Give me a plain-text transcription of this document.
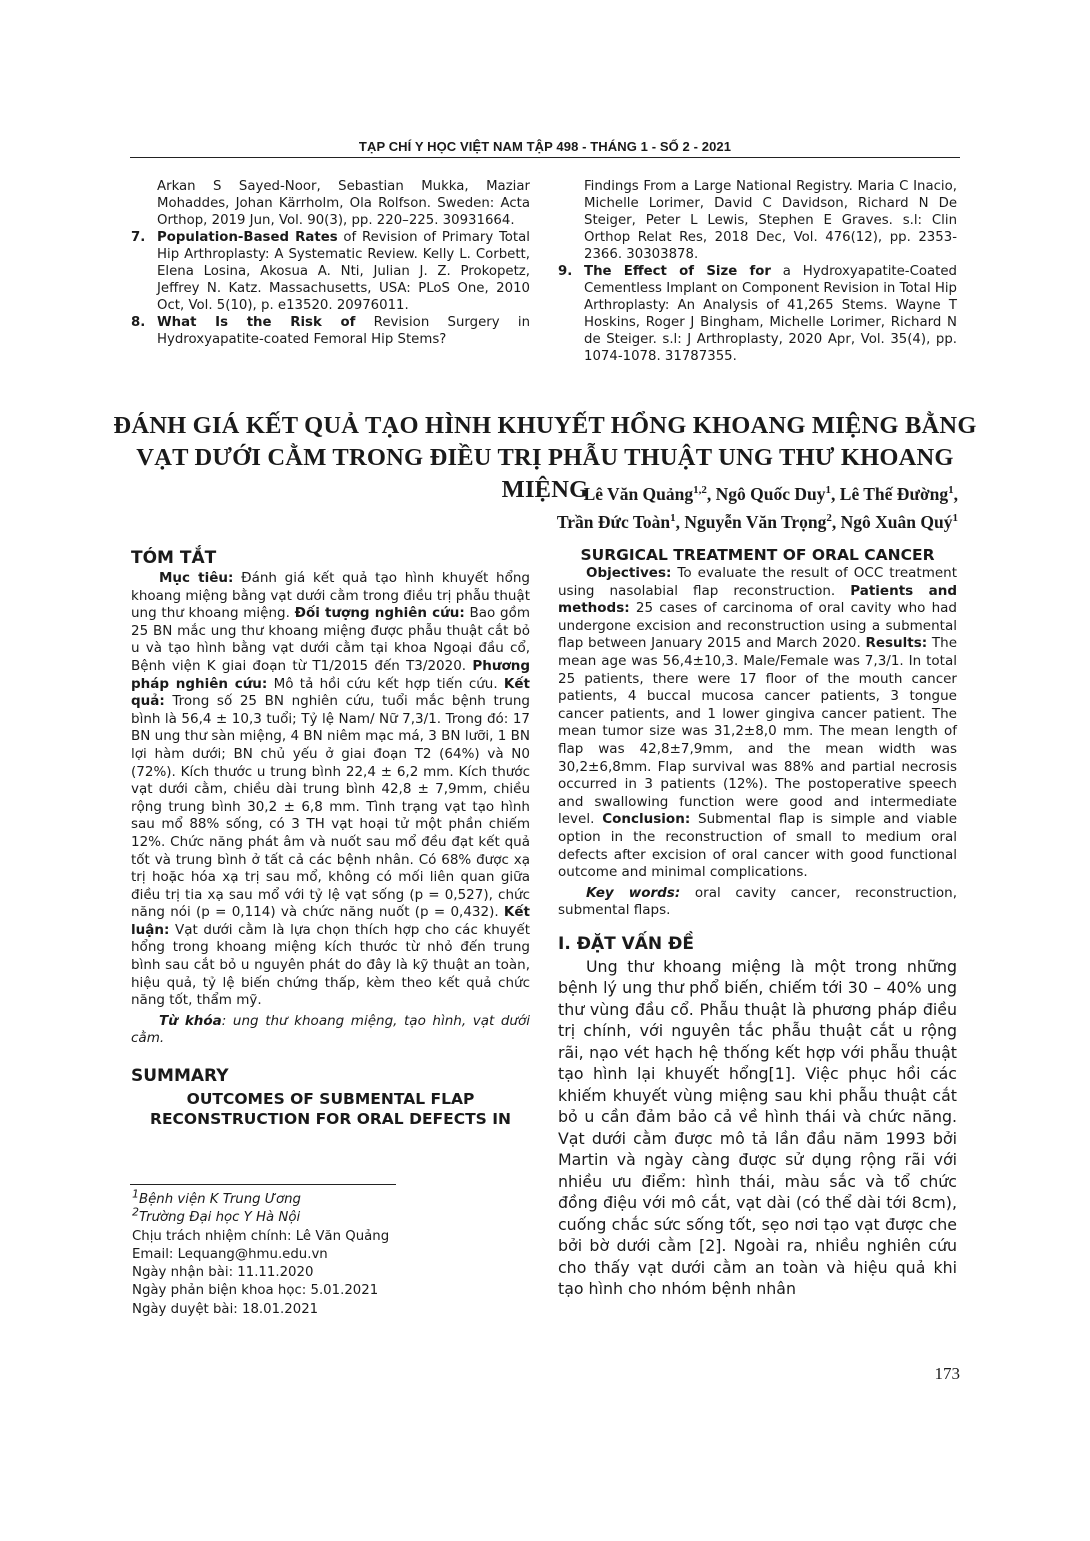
TẠP CHÍ Y HỌC VIỆT NAM TẬP 498 - THÁNG 1 - SỐ 2 - 2021

Arkan S Sayed-Noor, Sebastian Mukka, Maziar Mohaddes, Johan Kärrholm, Ola Rolfson. Sweden: Acta Orthop, 2019 Jun, Vol. 90(3), pp. 220–225. 30931664.

7. Population-Based Rates of Revision of Primary Total Hip Arthroplasty: A Systematic Review. Kelly L. Corbett, Elena Losina, Akosua A. Nti, Julian J. Z. Prokopetz, Jeffrey N. Katz. Massachusetts, USA: PLoS One, 2010 Oct, Vol. 5(10), p. e13520. 20976011.
8. What Is the Risk of Revision Surgery in Hydroxyapatite-coated Femoral Hip Stems?

Findings From a Large National Registry. Maria C Inacio, Michelle Lorimer, David C Davidson, Richard N De Steiger, Peter L Lewis, Stephen E Graves. s.l: Clin Orthop Relat Res, 2018 Dec, Vol. 476(12), pp. 2353-2366. 30303878.

9. The Effect of Size for a Hydroxyapatite-Coated Cementless Implant on Component Revision in Total Hip Arthroplasty: An Analysis of 41,265 Stems. Wayne T Hoskins, Roger J Bingham, Michelle Lorimer, Richard N de Steiger. s.l: J Arthroplasty, 2020 Apr, Vol. 35(4), pp. 1074-1078. 31787355.
ĐÁNH GIÁ KẾT QUẢ TẠO HÌNH KHUYẾT HỔNG KHOANG MIỆNG BẰNG
VẠT DƯỚI CẰM TRONG ĐIỀU TRỊ PHẪU THUẬT UNG THƯ KHOANG MIỆNG
Lê Văn Quảng$^{1,2}$, Ngô Quốc Duy$^1$, Lê Thế Đường$^1$,
Trần Đức Toàn$^1$, Nguyễn Văn Trọng$^2$, Ngô Xuân Quý$^1$
TÓM TẮT

Mục tiêu: Đánh giá kết quả tạo hình khuyết hổng khoang miệng bằng vạt dưới cằm trong điều trị phẫu thuật ung thư khoang miệng. Đối tượng nghiên cứu: Bao gồm 25 BN mắc ung thư khoang miệng được phẫu thuật cắt bỏ u và tạo hình bằng vạt dưới cằm tại khoa Ngoại đầu cổ, Bệnh viện K giai đoạn từ T1/2015 đến T3/2020. Phương pháp nghiên cứu: Mô tả hồi cứu kết hợp tiến cứu. Kết quả: Trong số 25 BN nghiên cứu, tuổi mắc bệnh trung bình là 56,4 ± 10,3 tuổi; Tỷ lệ Nam/ Nữ 7,3/1. Trong đó: 17 BN ung thư sàn miệng, 4 BN niêm mạc má, 3 BN lưỡi, 1 BN lợi hàm dưới; BN chủ yếu ở giai đoạn T2 (64%) và N0 (72%). Kích thước u trung bình 22,4 ± 6,2 mm. Kích thước vạt dưới cằm, chiều dài trung bình 42,8 ± 7,9mm, chiều rộng trung bình 30,2 ± 6,8 mm. Tình trạng vạt tạo hình sau mổ 88% sống, có 3 TH vạt hoại tử một phần chiếm 12%. Chức năng phát âm và nuốt sau mổ đều đạt kết quả tốt và trung bình ở tất cả các bệnh nhân. Có 68% được xạ trị hoặc hóa xạ trị sau mổ, không có mối liên quan giữa điều trị tia xạ sau mổ với tỷ lệ vạt sống (p = 0,527), chức năng nói (p = 0,114) và chức năng nuốt (p = 0,432). Kết luận: Vạt dưới cằm là lựa chọn thích hợp cho các khuyết hổng trong khoang miệng kích thước từ nhỏ đến trung bình sau cắt bỏ u nguyên phát do đây là kỹ thuật an toàn, hiệu quả, tỷ lệ biến chứng thấp, kèm theo kết quả chức năng tốt, thẩm mỹ.

Từ khóa: ung thư khoang miệng, tạo hình, vạt dưới cằm.

SUMMARY

OUTCOMES OF SUBMENTAL FLAP

RECONSTRUCTION FOR ORAL DEFECTS IN

SURGICAL TREATMENT OF ORAL CANCER

Objectives: To evaluate the result of OCC treatment using nasolabial flap reconstruction. Patients and methods: 25 cases of carcinoma of oral cavity who had undergone excision and reconstruction using a submental flap between January 2015 and March 2020. Results: The mean age was 56,4±10,3. Male/Female was 7,3/1. In total 25 patients, there were 17 floor of the mouth cancer patients, 4 buccal mucosa cancer patients, 3 tongue cancer patients, and 1 lower gingiva cancer patient. The mean tumor size was 31,2±8,0 mm. The mean length of flap was 42,8±7,9mm, and the mean width was 30,2±6,8mm. Flap survival was 88% and partial necrosis occurred in 3 patients (12%). The postoperative speech and swallowing function were good and intermediate level. Conclusion: Submental flap is simple and viable option in the reconstruction of small to medium oral defects after excision of oral cancer with good functional outcome and minimal complications.

Key words: oral cavity cancer, reconstruction, submental flaps.

I. ĐẶT VẤN ĐỀ

Ung thư khoang miệng là một trong những bệnh lý ung thư phổ biến, chiếm tới 30 – 40% ung thư vùng đầu cổ. Phẫu thuật là phương pháp điều trị chính, với nguyên tắc phẫu thuật cắt u rộng rãi, nạo vét hạch hệ thống kết hợp với phẫu thuật tạo hình lại khuyết hổng[1]. Việc phục hồi các khiếm khuyết vùng miệng sau khi phẫu thuật cắt bỏ u cần đảm bảo cả về hình thái và chức năng. Vạt dưới cằm được mô tả lần đầu năm 1993 bởi Martin và ngày càng được sử dụng rộng rãi với nhiều ưu điểm: hình thái, màu sắc và tổ chức đồng điệu với mô cắt, vạt dài (có thể dài tới 8cm), cuống chắc sức sống tốt, sẹo nơi tạo vạt được che bởi bờ dưới cằm [2]. Ngoài ra, nhiều nghiên cứu cho thấy vạt dưới cằm an toàn và hiệu quả khi tạo hình cho nhóm bệnh nhân

$^1$Bệnh viện K Trung Ương
$^2$Trường Đại học Y Hà Nội
Chịu trách nhiệm chính: Lê Văn Quảng
Email: Lequang@hmu.edu.vn
Ngày nhận bài: 11.11.2020
Ngày phản biện khoa học: 5.01.2021
Ngày duyệt bài: 18.01.2021
173
